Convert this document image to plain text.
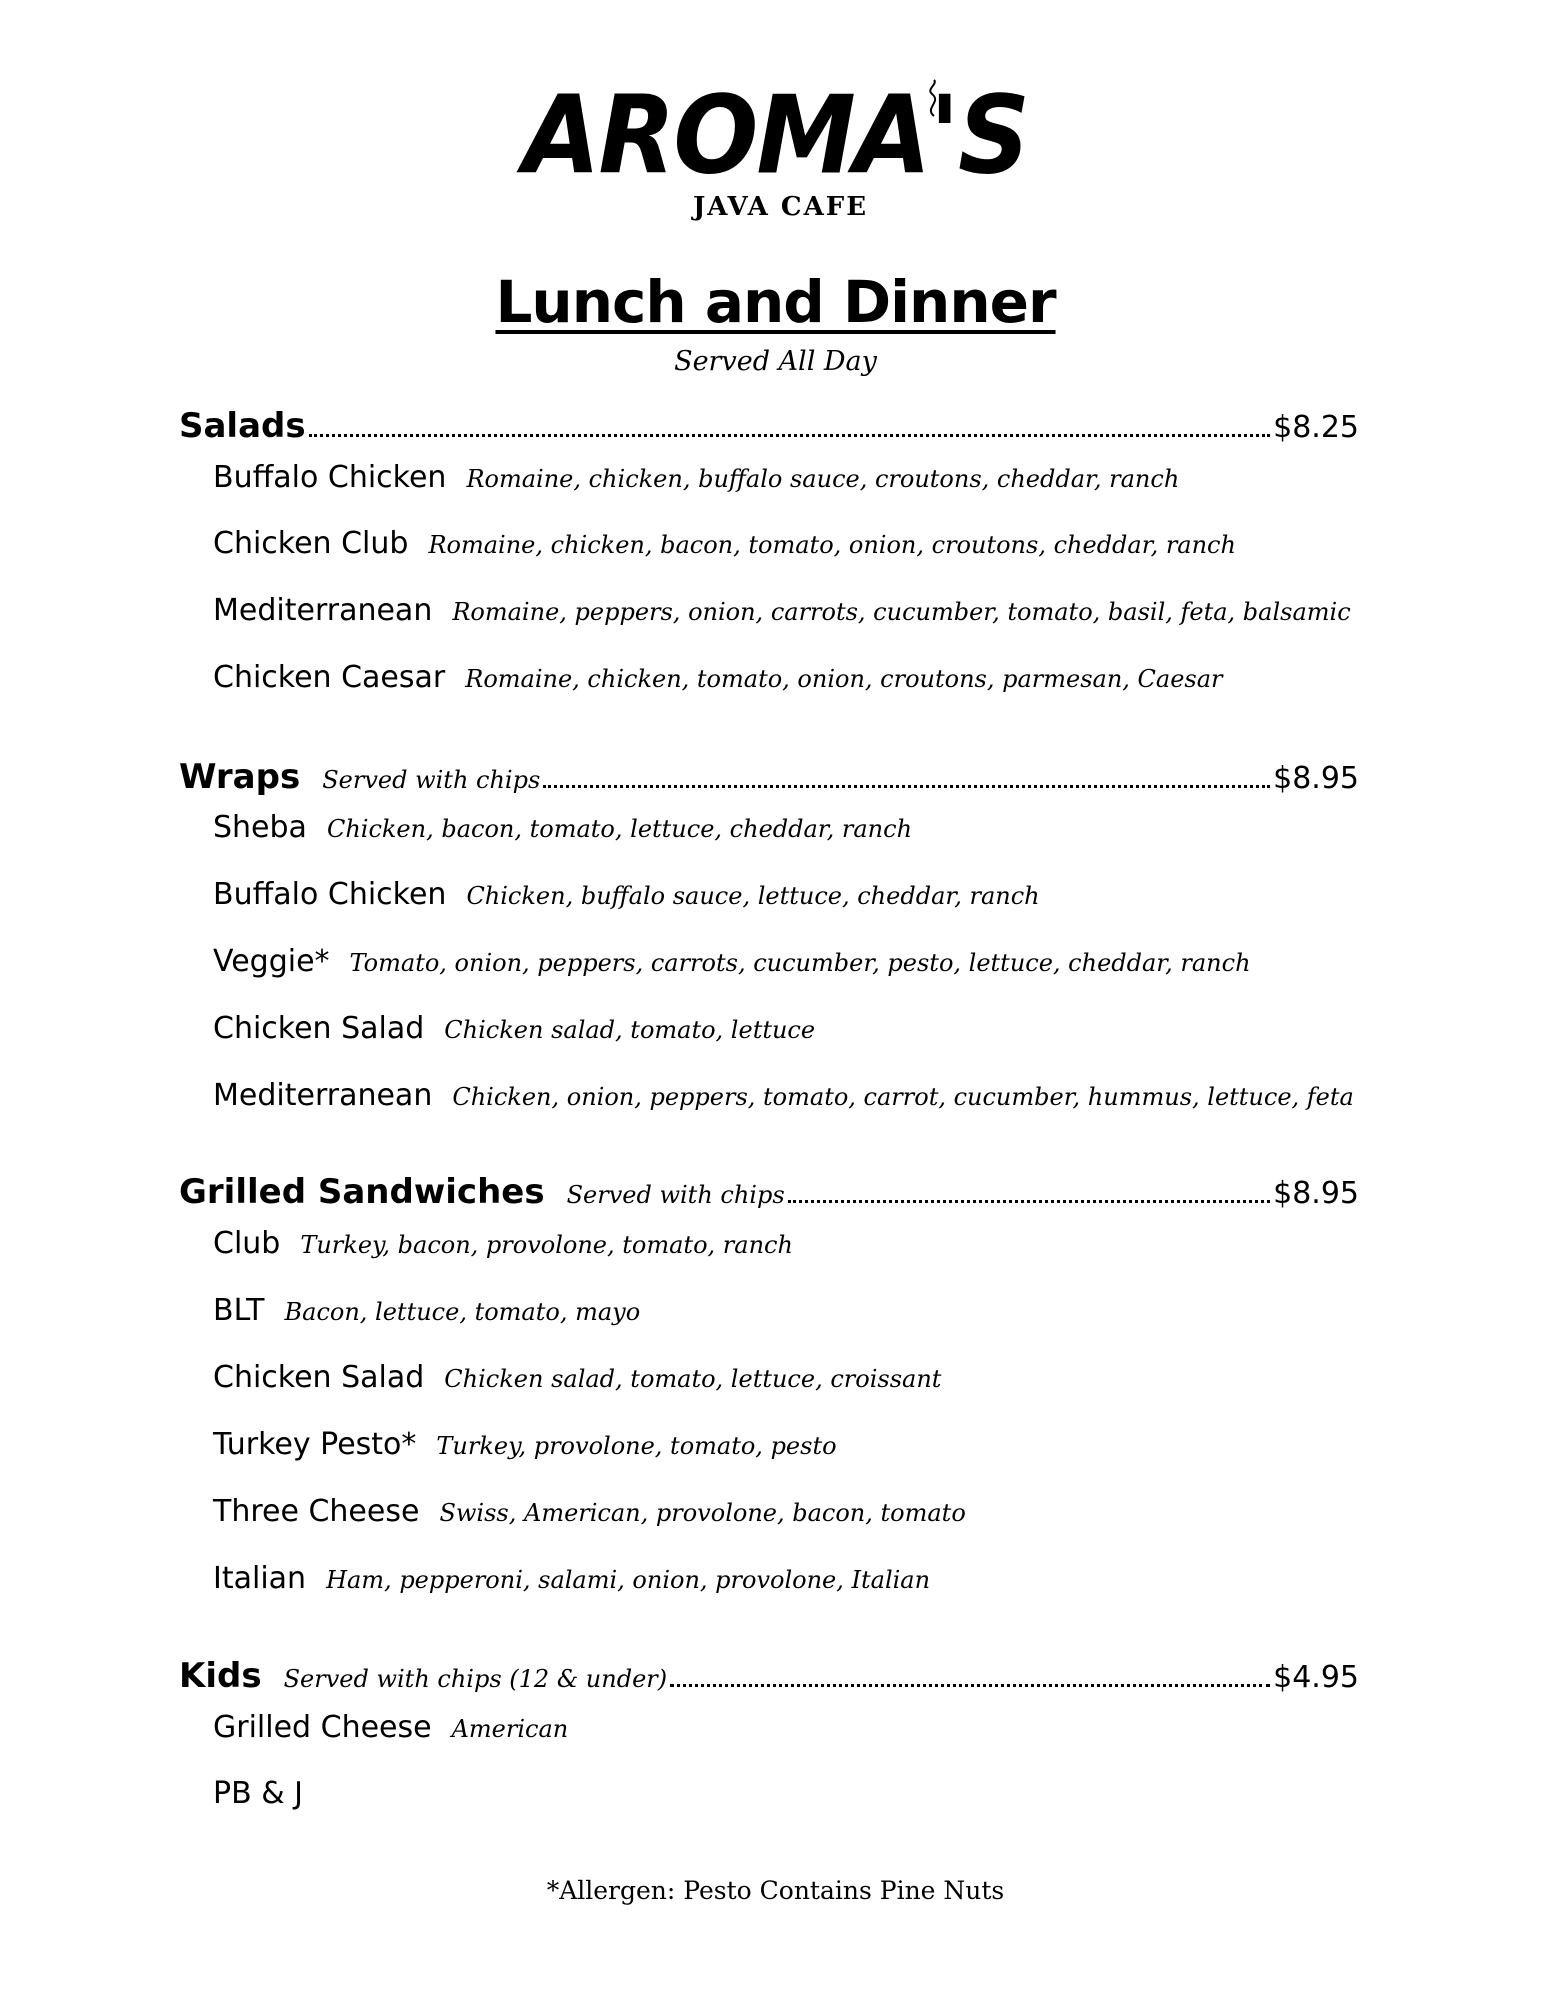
AROMA'S
JAVA CAFE
Lunch and Dinner
Served All Day
Salads	$8.25
Buffalo Chicken Romaine, chicken, buffalo sauce, croutons, cheddar, ranch
Chicken Club Romaine, chicken, bacon, tomato, onion, croutons, cheddar, ranch
Mediterranean Romaine, peppers, onion, carrots, cucumber, tomato, basil, feta, balsamic
Chicken Caesar Romaine, chicken, tomato, onion, croutons, parmesan, Caesar
Wraps Served with chips	$8.95
Sheba Chicken, bacon, tomato, lettuce, cheddar, ranch
Buffalo Chicken Chicken, buffalo sauce, lettuce, cheddar, ranch
Veggie* Tomato, onion, peppers, carrots, cucumber, pesto, lettuce, cheddar, ranch
Chicken Salad Chicken salad, tomato, lettuce
Mediterranean Chicken, onion, peppers, tomato, carrot, cucumber, hummus, lettuce, feta
Grilled Sandwiches Served with chips	$8.95
Club Turkey, bacon, provolone, tomato, ranch
BLT Bacon, lettuce, tomato, mayo
Chicken Salad Chicken salad, tomato, lettuce, croissant
Turkey Pesto* Turkey, provolone, tomato, pesto
Three Cheese Swiss, American, provolone, bacon, tomato
Italian Ham, pepperoni, salami, onion, provolone, Italian
Kids Served with chips (12 & under)	$4.95
Grilled Cheese American
PB & J
*Allergen: Pesto Contains Pine Nuts
